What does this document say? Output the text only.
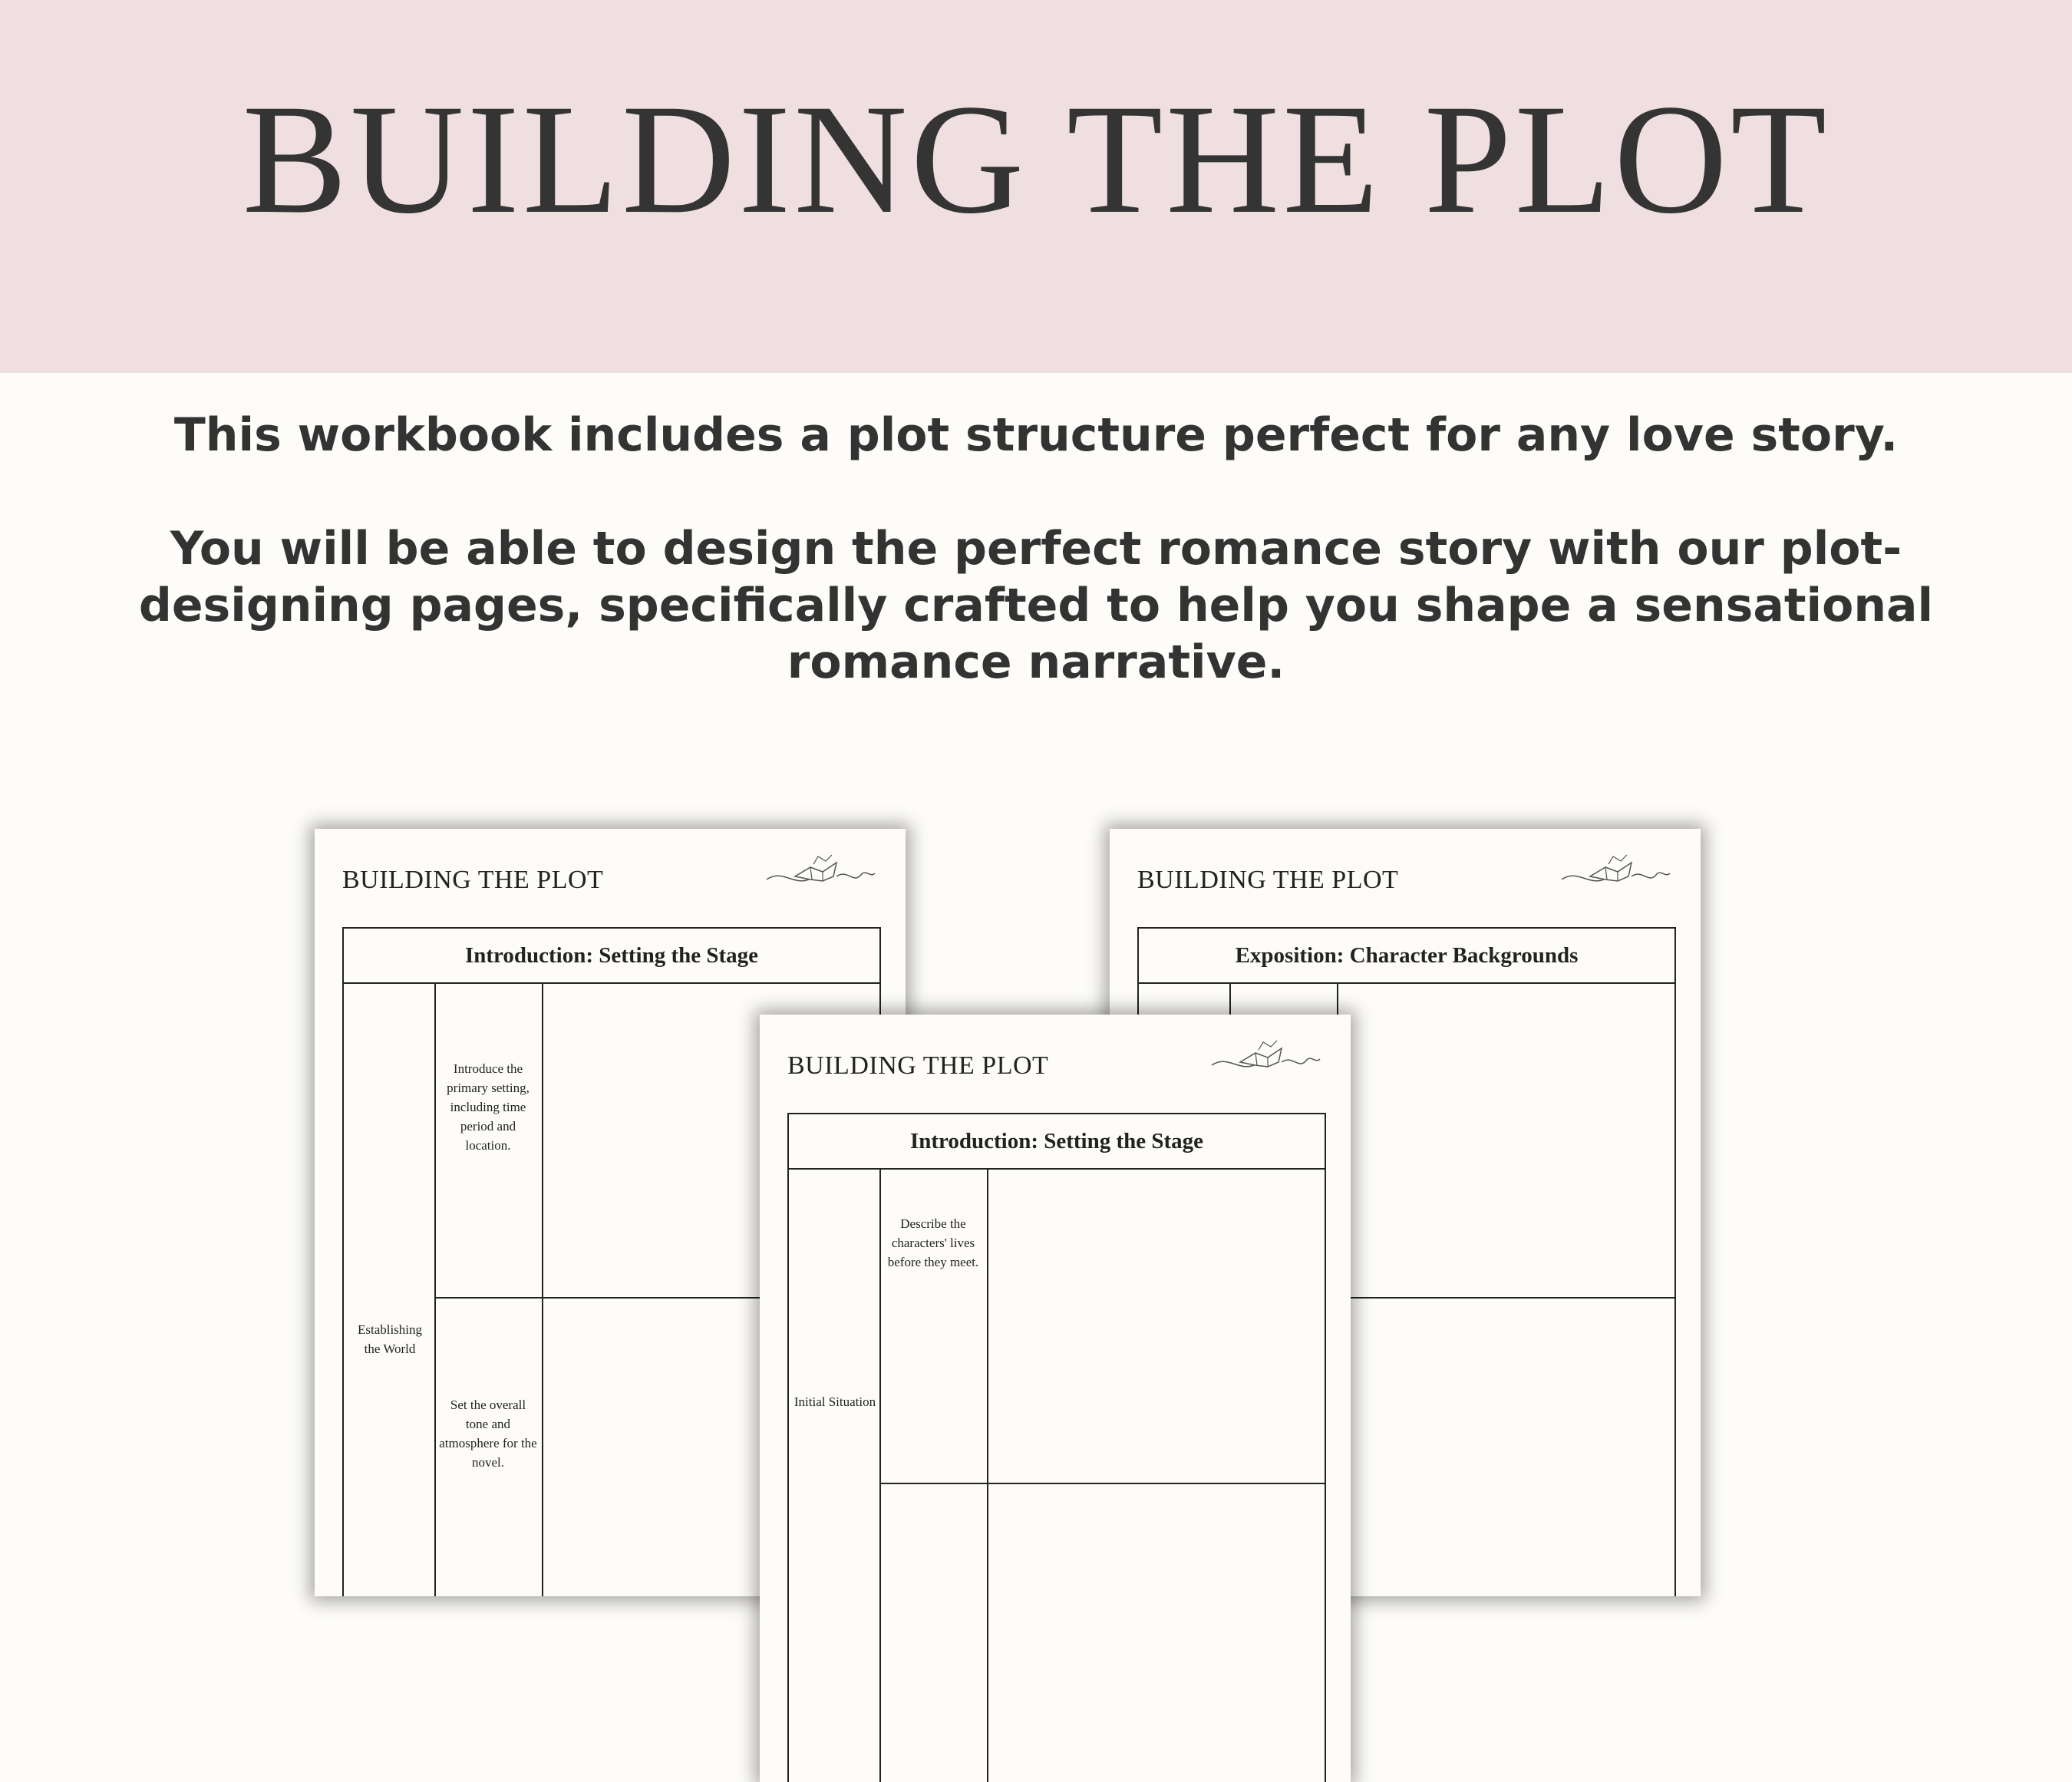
BUILDING THE PLOT
This workbook includes a plot structure perfect for any love story.
You will be able to design the perfect romance story with our plot-designing pages, specifically crafted to help you shape a sensational romance narrative.
BUILDING THE PLOT
Introduction: Setting the Stage
Establishing the World
Introduce the primary setting, including time period and location.
Set the overall tone and atmosphere for the novel.
BUILDING THE PLOT
Exposition: Character Backgrounds
BUILDING THE PLOT
Introduction: Setting the Stage
Initial Situation
Describe the characters' lives before they meet.
